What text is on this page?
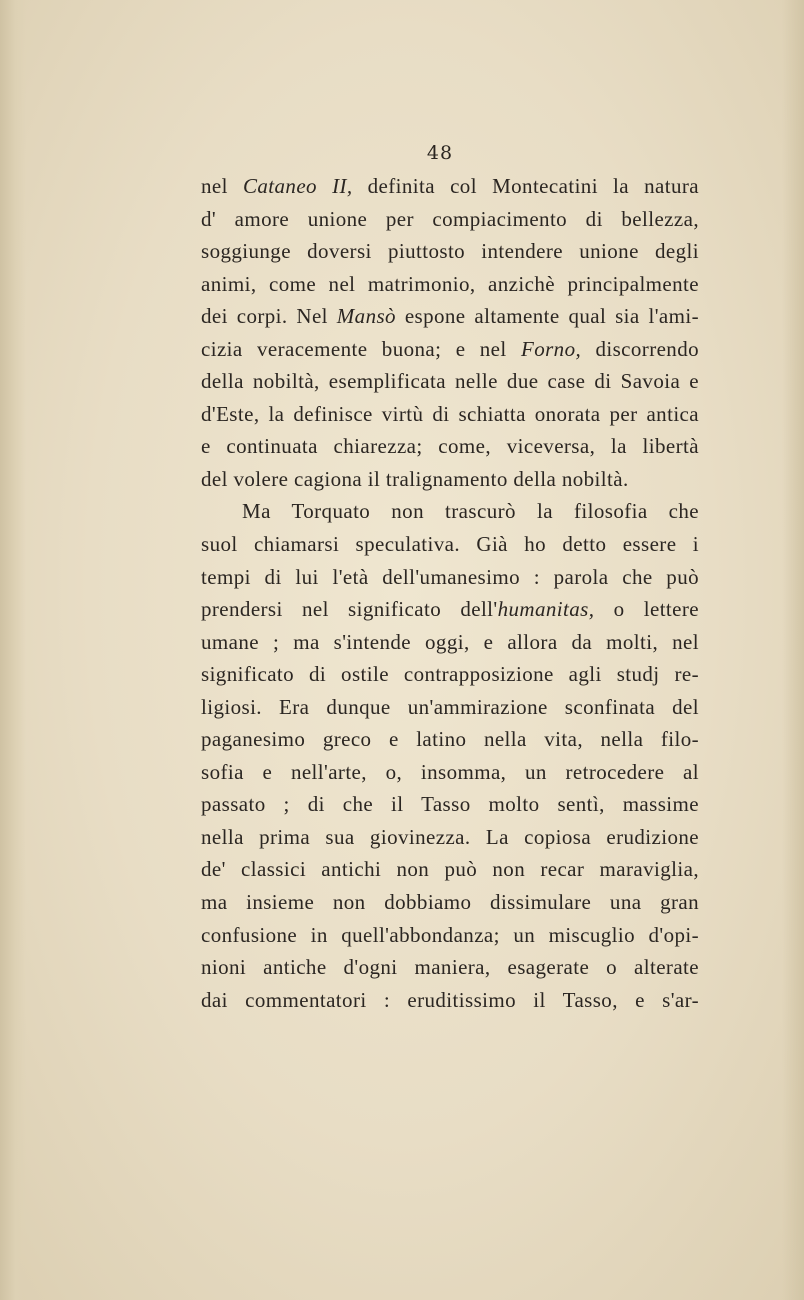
48
nel Cataneo II, definita col Montecatini la natura
d' amore unione per compiacimento di bellezza,
soggiunge doversi piuttosto intendere unione degli
animi, come nel matrimonio, anzichè principalmente
dei corpi. Nel Mansò espone altamente qual sia l'ami-
cizia veracemente buona; e nel Forno, discorrendo
della nobiltà, esemplificata nelle due case di Savoia e
d'Este, la definisce virtù di schiatta onorata per antica
e continuata chiarezza; come, viceversa, la libertà
del volere cagiona il tralignamento della nobiltà.
Ma Torquato non trascurò la filosofia che
suol chiamarsi speculativa. Già ho detto essere i
tempi di lui l'età dell'umanesimo : parola che può
prendersi nel significato dell'humanitas, o lettere
umane ; ma s'intende oggi, e allora da molti, nel
significato di ostile contrapposizione agli studj re-
ligiosi. Era dunque un'ammirazione sconfinata del
paganesimo greco e latino nella vita, nella filo-
sofia e nell'arte, o, insomma, un retrocedere al
passato ; di che il Tasso molto sentì, massime
nella prima sua giovinezza. La copiosa erudizione
de' classici antichi non può non recar maraviglia,
ma insieme non dobbiamo dissimulare una gran
confusione in quell'abbondanza; un miscuglio d'opi-
nioni antiche d'ogni maniera, esagerate o alterate
dai commentatori : eruditissimo il Tasso, e s'ar-
